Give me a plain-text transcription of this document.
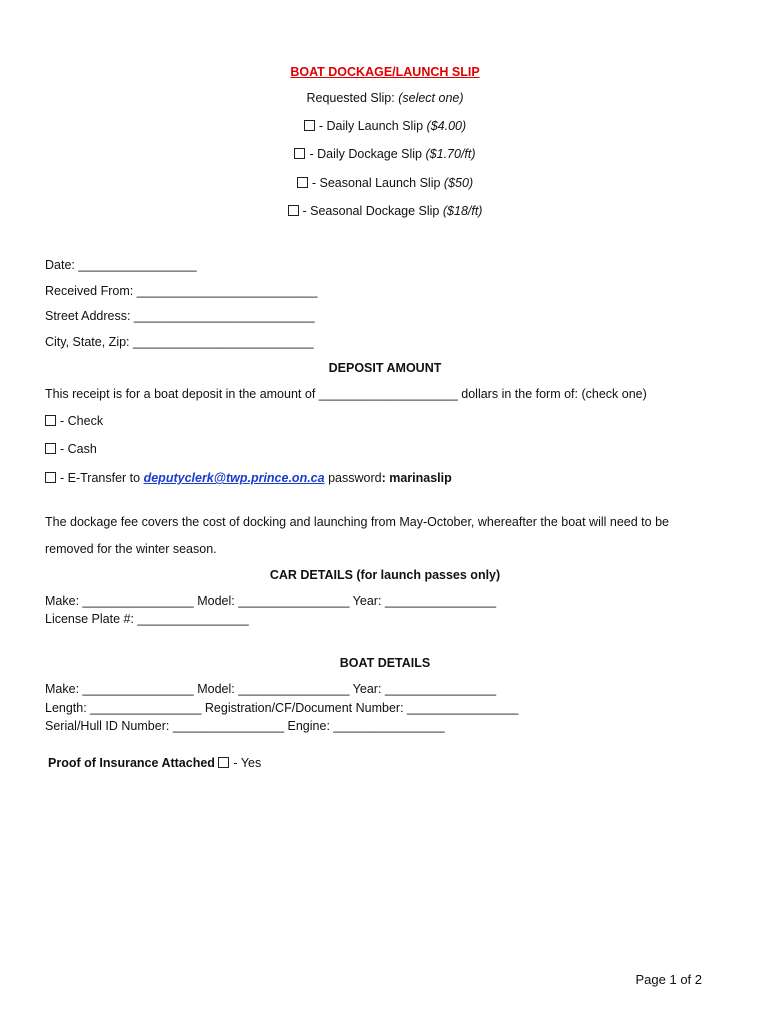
BOAT DOCKAGE/LAUNCH SLIP
Requested Slip: (select one)
- Daily Launch Slip ($4.00)
- Daily Dockage Slip ($1.70/ft)
- Seasonal Launch Slip ($50)
- Seasonal Dockage Slip ($18/ft)
Date: _________________
Received From: __________________________
Street Address: __________________________
City, State, Zip: __________________________
DEPOSIT AMOUNT
This receipt is for a boat deposit in the amount of ____________________ dollars in the form of: (check one)
- Check
- Cash
- E-Transfer to deputyclerk@twp.prince.on.ca password: marinaslip
The dockage fee covers the cost of docking and launching from May-October, whereafter the boat will need to be
removed for the winter season.
CAR DETAILS (for launch passes only)
Make: ________________ Model: ________________ Year: ________________
License Plate #: ________________
BOAT DETAILS
Make: ________________ Model: ________________ Year: ________________
Length: ________________ Registration/CF/Document Number: ________________
Serial/Hull ID Number: ________________ Engine: ________________
Proof of Insurance Attached - Yes
Page 1 of 2
